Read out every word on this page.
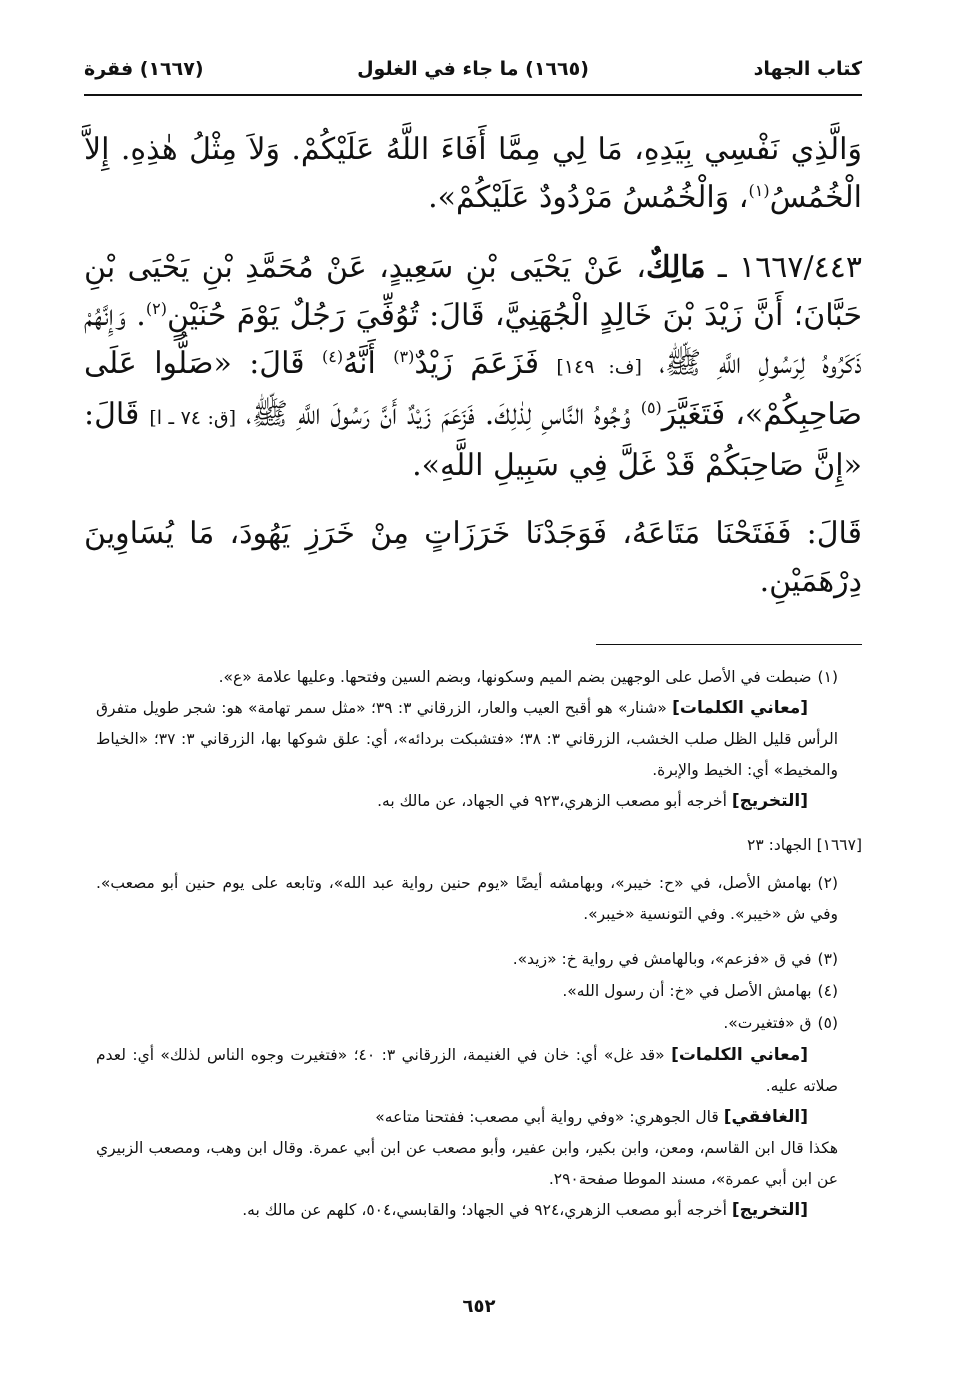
كتاب الجهاد
(١٦٦٥) ما جاء في الغلول
(١٦٦٧) فقرة
وَالَّذِي نَفْسِي بِيَدِهِ، مَا لِي مِمَّا أَفَاءَ اللَّهُ عَلَيْكُمْ. وَلاَ مِثْلُ هٰذِهِ. إِلاَّ الْخُمُسُ$^{(١)}$، وَالْخُمُسُ مَرْدُودٌ عَلَيْكُمْ».
١٦٦٧/٤٤٣ ـ مَالِكٌ، عَنْ يَحْيَى بْنِ سَعِيدٍ، عَنْ مُحَمَّدِ بْنِ يَحْيَى بْنِ حَبَّانَ؛ أَنَّ زَيْدَ بْنَ خَالِدٍ الْجُهَنِيَّ، قَالَ: تُوُفِّيَ رَجُلٌ يَوْمَ حُنَيْنٍ$^{(٢)}$. وَإِنَّهُمْ ذَكَرُوهُ لِرَسُولِ اللَّهِ ﷺ، [ف: ١٤٩] فَزَعَمَ زَيْدٌ$^{(٣)}$ أَنَّهُ$^{(٤)}$ قَالَ: «صَلُّوا عَلَى صَاحِبِكُمْ»، فَتَغَيَّرَ$^{(٥)}$ وُجُوهُ النَّاسِ لِذٰلِكَ. فَزَعَمَ زَيْدٌ أَنَّ رَسُولَ اللَّهِ ﷺ، [ق: ٧٤ ـ ا] قَالَ: «إِنَّ صَاحِبَكُمْ قَدْ غَلَّ فِي سَبِيلِ اللَّهِ».
قَالَ: فَفَتَحْنَا مَتَاعَهُ، فَوَجَدْنَا خَرَزَاتٍ مِنْ خَرَزِ يَهُودَ، مَا يُسَاوِينَ دِرْهَمَيْنِ.
(١)ضبطت في الأصل على الوجهين بضم الميم وسكونها، وبضم السين وفتحها. وعليها علامة «ع».
[معاني الكلمات] «شنار» هو أقبح العيب والعار، الزرقاني ٣: ٣٩؛ «مثل سمر تهامة» هو: شجر طويل متفرق الرأس قليل الظل صلب الخشب، الزرقاني ٣: ٣٨؛ «فتشبكت بردائه»، أي: علق شوكها بها، الزرقاني ٣: ٣٧؛ «الخياط والمخيط» أي: الخيط والإبرة.
[التخريج] أخرجه أبو مصعب الزهري،٩٢٣ في الجهاد، عن مالك به.
[١٦٦٧] الجهاد: ٢٣
(٢)بهامش الأصل، في «ح: خيبر»، وبهامشه أيضًا «يوم حنين رواية عبد الله»، وتابعه على يوم حنين أبو مصعب». وفي ش «خيبر». وفي التونسية «خيبر».
(٣)في ق «فزعم»، وبالهامش في رواية خ: «زيد».
(٤)بهامش الأصل في «خ: أن رسول الله».
(٥)ق «فتغيرت».
[معاني الكلمات] «قد غل» أي: خان في الغنيمة، الزرقاني ٣: ٤٠؛ «فتغيرت وجوه الناس لذلك» أي: لعدم صلاته عليه.
[الغافقي] قال الجوهري: «وفي رواية أبي مصعب: ففتحنا متاعه»
هكذا قال ابن القاسم، ومعن، وابن بكير، وابن عفير، وأبو مصعب عن ابن أبي عمرة. وقال ابن وهب، ومصعب الزبيري عن ابن أبي عمرة»، مسند الموطا صفحة٢٩٠.
[التخريج] أخرجه أبو مصعب الزهري،٩٢٤ في الجهاد؛ والقابسي،٥٠٤، كلهم عن مالك به.
٦٥٢
